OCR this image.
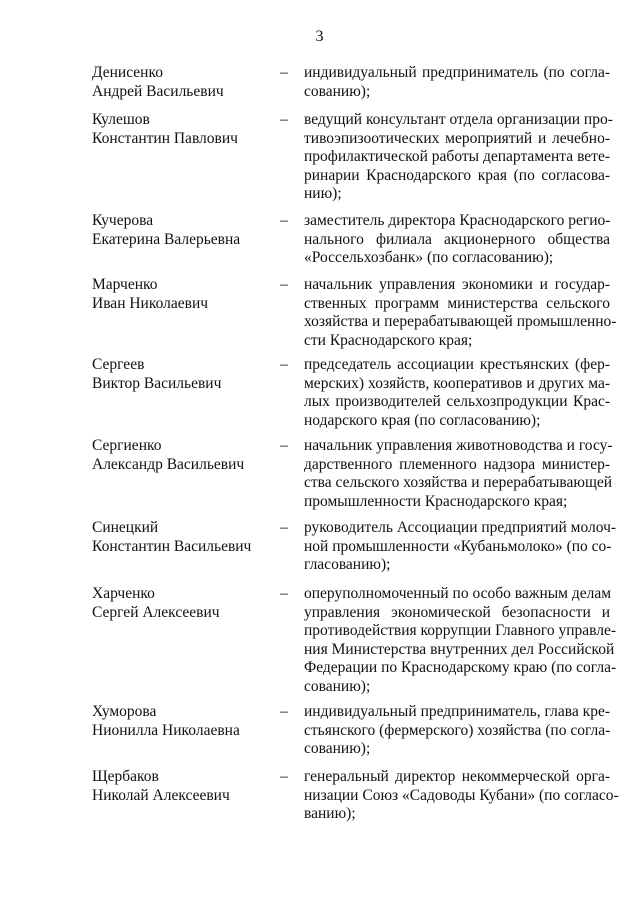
3
Денисенко
Андрей Васильевич
– индивидуальный предприниматель (по согла-
сованию);
Кулешов
Константин Павлович
– ведущий консультант отдела организации про-
тивоэпизоотических мероприятий и лечебно-
профилактической работы департамента вете-
ринарии Краснодарского края (по согласова-
нию);
Кучерова
Екатерина Валерьевна
– заместитель директора Краснодарского регио-
нального филиала акционерного общества
«Россельхозбанк» (по согласованию);
Марченко
Иван Николаевич
– начальник управления экономики и государ-
ственных программ министерства сельского
хозяйства и перерабатывающей промышленно-
сти Краснодарского края;
Сергеев
Виктор Васильевич
– председатель ассоциации крестьянских (фер-
мерских) хозяйств, кооперативов и других ма-
лых производителей сельхозпродукции Крас-
нодарского края (по согласованию);
Сергиенко
Александр Васильевич
– начальник управления животноводства и госу-
дарственного племенного надзора министер-
ства сельского хозяйства и перерабатывающей
промышленности Краснодарского края;
Синецкий
Константин Васильевич
– руководитель Ассоциации предприятий молоч-
ной промышленности «Кубаньмолоко» (по со-
гласованию);
Харченко
Сергей Алексеевич
– оперуполномоченный по особо важным делам
управления экономической безопасности и
противодействия коррупции Главного управле-
ния Министерства внутренних дел Российской
Федерации по Краснодарскому краю (по согла-
сованию);
Хуморова
Нионилла Николаевна
– индивидуальный предприниматель, глава кре-
стьянского (фермерского) хозяйства (по согла-
сованию);
Щербаков
Николай Алексеевич
– генеральный директор некоммерческой орга-
низации Союз «Садоводы Кубани» (по согласо-
ванию);
